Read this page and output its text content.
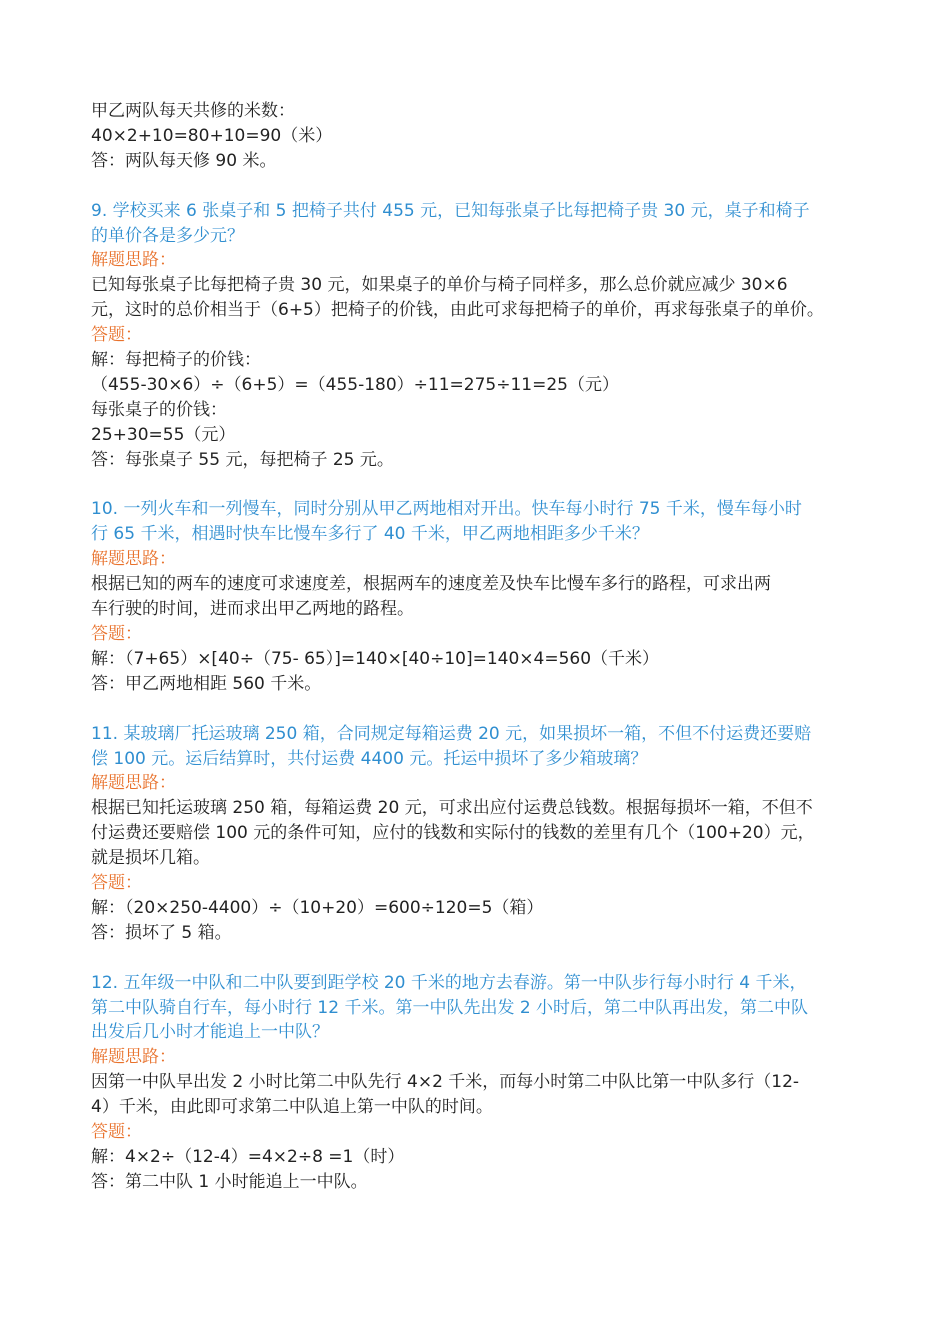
甲乙两队每天共修的米数：
40×2+10=80+10=90（米）
答：两队每天修 90 米。
9. 学校买来 6 张桌子和 5 把椅子共付 455 元，已知每张桌子比每把椅子贵 30 元，桌子和椅子
的单价各是多少元？
解题思路：
已知每张桌子比每把椅子贵 30 元，如果桌子的单价与椅子同样多，那么总价就应减少 30×6
元，这时的总价相当于（6+5）把椅子的价钱，由此可求每把椅子的单价，再求每张桌子的单价。
答题：
解：每把椅子的价钱：
（455-30×6）÷（6+5）=（455-180）÷11=275÷11=25（元）
每张桌子的价钱：
25+30=55（元）
答：每张桌子 55 元，每把椅子 25 元。
10. 一列火车和一列慢车，同时分别从甲乙两地相对开出。快车每小时行 75 千米，慢车每小时
行 65 千米，相遇时快车比慢车多行了 40 千米，甲乙两地相距多少千米？
解题思路：
根据已知的两车的速度可求速度差，根据两车的速度差及快车比慢车多行的路程，可求出两
车行驶的时间，进而求出甲乙两地的路程。
答题：
解：（7+65）×[40÷（75- 65）]=140×[40÷10]=140×4=560（千米）
答：甲乙两地相距 560 千米。
11. 某玻璃厂托运玻璃 250 箱，合同规定每箱运费 20 元，如果损坏一箱，不但不付运费还要赔
偿 100 元。运后结算时，共付运费 4400 元。托运中损坏了多少箱玻璃？
解题思路：
根据已知托运玻璃 250 箱，每箱运费 20 元，可求出应付运费总钱数。根据每损坏一箱，不但不
付运费还要赔偿 100 元的条件可知，应付的钱数和实际付的钱数的差里有几个（100+20）元，
就是损坏几箱。
答题：
解：（20×250-4400）÷（10+20）=600÷120=5（箱）
答：损坏了 5 箱。
12. 五年级一中队和二中队要到距学校 20 千米的地方去春游。第一中队步行每小时行 4 千米，
第二中队骑自行车，每小时行 12 千米。第一中队先出发 2 小时后，第二中队再出发，第二中队
出发后几小时才能追上一中队？
解题思路：
因第一中队早出发 2 小时比第二中队先行 4×2 千米，而每小时第二中队比第一中队多行（12-
4）千米，由此即可求第二中队追上第一中队的时间。
答题：
解：4×2÷（12-4）=4×2÷8 =1（时）
答：第二中队 1 小时能追上一中队。
